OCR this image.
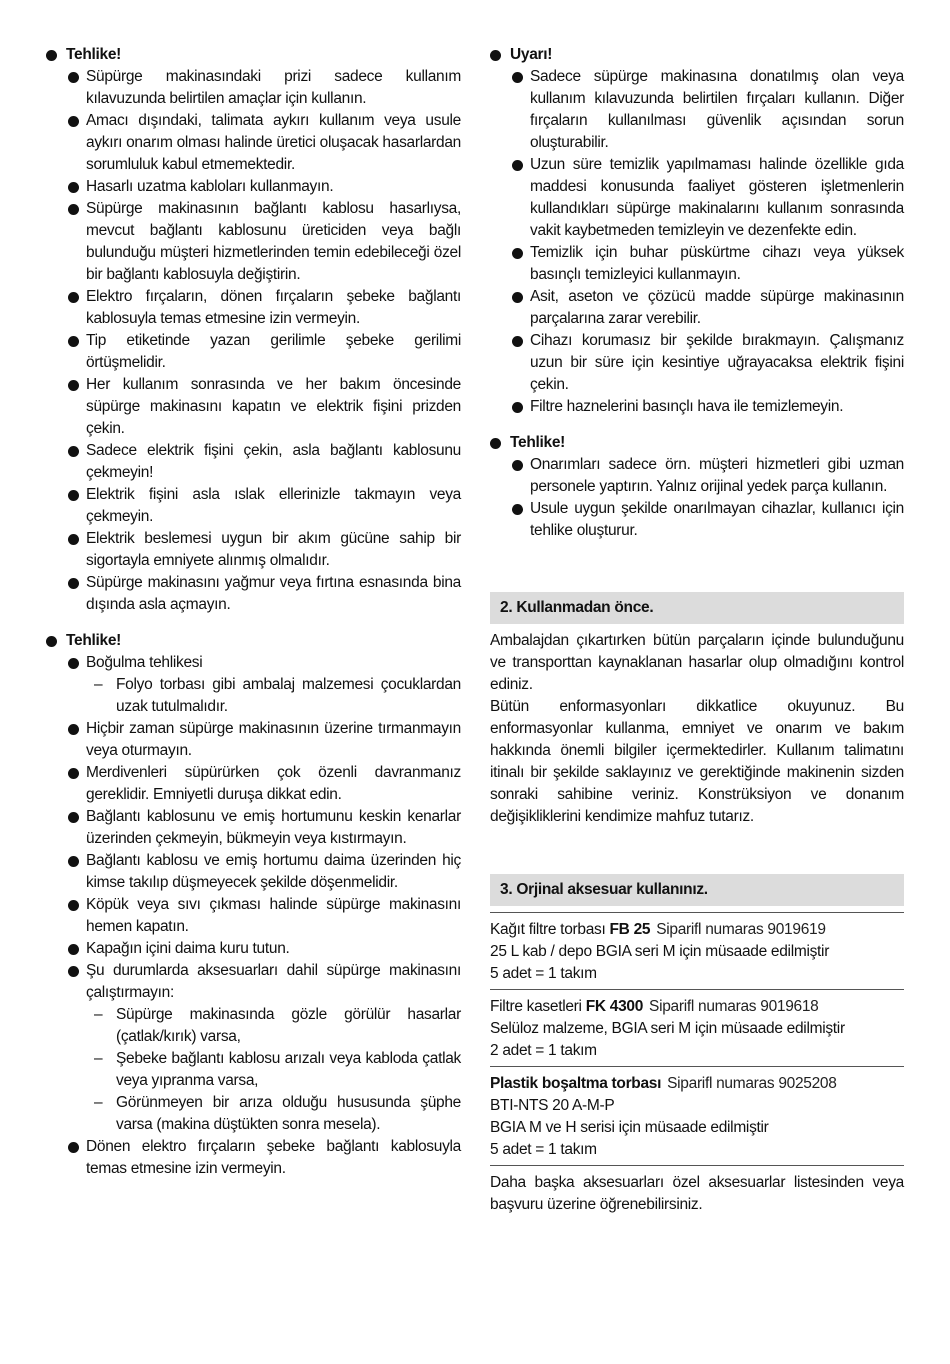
Tehlike!
Süpürge makinasındaki prizi sadece kullanım kılavuzunda belirtilen amaçlar için kullanın.
Amacı dışındaki, talimata aykırı kullanım veya usule aykırı onarım olması halinde üretici oluşacak hasarlardan sorumluluk kabul etmemektedir.
Hasarlı uzatma kabloları kullanmayın.
Süpürge makinasının bağlantı kablosu hasarlıysa, mevcut bağlantı kablosunu üreticiden veya bağlı bulunduğu müşteri hizmetlerinden temin edebileceği özel bir bağlantı kablosuyla değiştirin.
Elektro fırçaların, dönen fırçaların şebeke bağlantı kablosuyla temas etmesine izin vermeyin.
Tip etiketinde yazan gerilimle şebeke gerilimi örtüşmelidir.
Her kullanım sonrasında ve her bakım öncesinde süpürge makinasını kapatın ve elektrik fişini prizden çekin.
Sadece elektrik fişini çekin, asla bağlantı kablosunu çekmeyin!
Elektrik fişini asla ıslak ellerinizle takmayın veya çekmeyin.
Elektrik beslemesi uygun bir akım gücüne sahip bir sigortayla emniyete alınmış olmalıdır.
Süpürge makinasını yağmur veya fırtına esnasında bina dışında asla açmayın.
Tehlike!
Boğulma tehlikesi
– Folyo torbası gibi ambalaj malzemesi çocuklardan uzak tutulmalıdır.
Hiçbir zaman süpürge makinasının üzerine tırmanmayın veya oturmayın.
Merdivenleri süpürürken çok özenli davranmanız gereklidir. Emniyetli duruşa dikkat edin.
Bağlantı kablosunu ve emiş hortumunu keskin kenarlar üzerinden çekmeyin, bükmeyin veya kıstırmayın.
Bağlantı kablosu ve emiş hortumu daima üzerinden hiç kimse takılıp düşmeyecek şekilde döşenmelidir.
Köpük veya sıvı çıkması halinde süpürge makinasını hemen kapatın.
Kapağın içini daima kuru tutun.
Şu durumlarda aksesuarları dahil süpürge makinasını çalıştırmayın:
– Süpürge makinasında gözle görülür hasarlar (çatlak/kırık) varsa,
– Şebeke bağlantı kablosu arızalı veya kabloda çatlak veya yıpranma varsa,
– Görünmeyen bir arıza olduğu hususunda şüphe varsa (makina düştükten sonra mesela).
Dönen elektro fırçaların şebeke bağlantı kablosuyla temas etmesine izin vermeyin.
Uyarı!
Sadece süpürge makinasına donatılmış olan veya kullanım kılavuzunda belirtilen fırçaları kullanın. Diğer fırçaların kullanılması güvenlik açısından sorun oluşturabilir.
Uzun süre temizlik yapılmaması halinde özellikle gıda maddesi konusunda faaliyet gösteren işletmenlerin kullandıkları süpürge makinalarını kullanım sonrasında vakit kaybetmeden temizleyin ve dezenfekte edin.
Temizlik için buhar püskürtme cihazı veya yüksek basınçlı temizleyici kullanmayın.
Asit, aseton ve çözücü madde süpürge makinasının parçalarına zarar verebilir.
Cihazı korumasız bir şekilde bırakmayın. Çalışmanız uzun bir süre için kesintiye uğrayacaksa elektrik fişini çekin.
Filtre haznelerini basınçlı hava ile temizlemeyin.
Tehlike!
Onarımları sadece örn. müşteri hizmetleri gibi uzman personele yaptırın. Yalnız orijinal yedek parça kullanın.
Usule uygun şekilde onarılmayan cihazlar, kullanıcı için tehlike oluşturur.
2. Kullanmadan önce.

Ambalajdan çıkartırken bütün parçaların içinde bulunduğunu ve transporttan kaynaklanan hasarlar olup olmadığını kontrol ediniz.

Bütün enformasyonları dikkatlice okuyunuz. Bu enformasyonlar kullanma, emniyet ve onarım ve bakım hakkında önemli bilgiler içermektedirler. Kullanım talimatını itinalı bir şekilde saklayınız ve gerektiğinde makinenin sizden sonraki sahibine veriniz. Konstrüksiyon ve donanım değişikliklerini kendimize mahfuz tutarız.

3. Orjinal aksesuar kullanınız.
Kağıt filtre torbası FB 25 Siparifl numaras 9019619
25 L kab / depo BGIA seri M için müsaade edilmiştir
5 adet = 1 takım
Filtre kasetleri FK 4300 Siparifl numaras 9019618
Selüloz malzeme, BGIA seri M için müsaade edilmiştir
2 adet = 1 takım
Plastik boşaltma torbası Siparifl numaras 9025208
BTI-NTS 20 A-M-P
BGIA M ve H serisi için müsaade edilmiştir
5 adet = 1 takım

Daha başka aksesuarları özel aksesuarlar listesinden veya başvuru üzerine öğrenebilirsiniz.
